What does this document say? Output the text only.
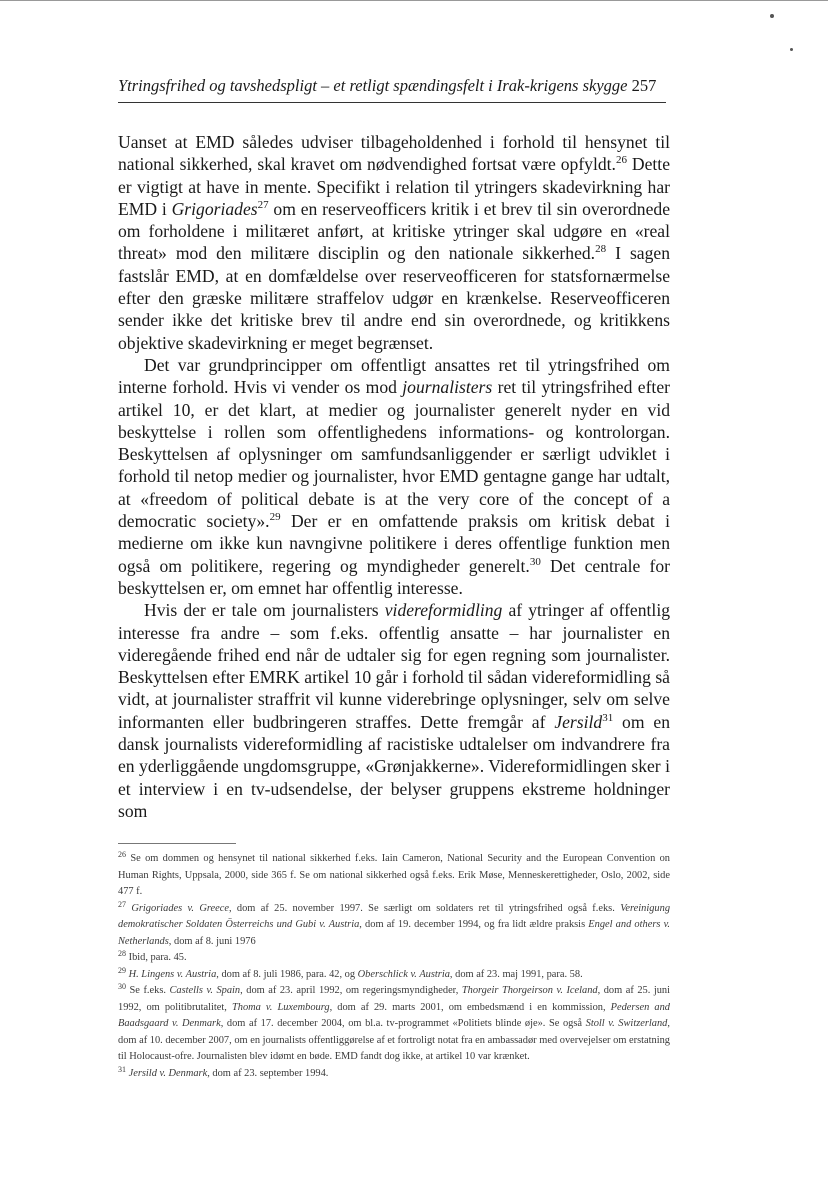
Ytringsfrihed og tavshedspligt – et retligt spændingsfelt i Irak-krigens skygge 257

Uanset at EMD således udviser tilbageholdenhed i forhold til hensynet til national sikkerhed, skal kravet om nødvendighed fortsat være opfyldt.$^{26}$ Dette er vigtigt at have in mente. Specifikt i relation til ytringers skadevirkning har EMD i Grigoriades$^{27}$ om en reserveofficers kritik i et brev til sin overordnede om forholdene i militæret anført, at kritiske ytringer skal udgøre en «real threat» mod den militære disciplin og den nationale sikkerhed.$^{28}$ I sagen fastslår EMD, at en domfældelse over reserveofficeren for statsfornærmelse efter den græske militære straffelov udgør en krænkelse. Reserveofficeren sender ikke det kritiske brev til andre end sin overordnede, og kritikkens objektive skadevirkning er meget begrænset.

Det var grundprincipper om offentligt ansattes ret til ytringsfrihed om interne forhold. Hvis vi vender os mod journalisters ret til ytringsfrihed efter artikel 10, er det klart, at medier og journalister generelt nyder en vid beskyttelse i rollen som offentlighedens informations- og kontrolorgan. Beskyttelsen af oplysninger om samfundsanliggender er særligt udviklet i forhold til netop medier og journalister, hvor EMD gentagne gange har udtalt, at «freedom of political debate is at the very core of the concept of a democratic society».$^{29}$ Der er en omfattende praksis om kritisk debat i medierne om ikke kun navngivne politikere i deres offentlige funktion men også om politikere, regering og myndigheder generelt.$^{30}$ Det centrale for beskyttelsen er, om emnet har offentlig interesse.

Hvis der er tale om journalisters videreformidling af ytringer af offentlig interesse fra andre – som f.eks. offentlig ansatte – har journalister en videregående frihed end når de udtaler sig for egen regning som journalister. Beskyttelsen efter EMRK artikel 10 går i forhold til sådan videreformidling så vidt, at journalister straffrit vil kunne viderebringe oplysninger, selv om selve informanten eller budbringeren straffes. Dette fremgår af Jersild$^{31}$ om en dansk journalists videreformidling af racistiske udtalelser om indvandrere fra en yderliggående ungdomsgruppe, «Grønjakkerne». Videreformidlingen sker i et interview i en tv-udsendelse, der belyser gruppens ekstreme holdninger som

$^{26}$ Se om dommen og hensynet til national sikkerhed f.eks. Iain Cameron, National Security and the European Convention on Human Rights, Uppsala, 2000, side 365 f. Se om national sikkerhed også f.eks. Erik Møse, Menneskerettigheder, Oslo, 2002, side 477 f.

$^{27}$ Grigoriades v. Greece, dom af 25. november 1997. Se særligt om soldaters ret til ytringsfrihed også f.eks. Vereinigung demokratischer Soldaten Österreichs und Gubi v. Austria, dom af 19. december 1994, og fra lidt ældre praksis Engel and others v. Netherlands, dom af 8. juni 1976

$^{28}$ Ibid, para. 45.

$^{29}$ H. Lingens v. Austria, dom af 8. juli 1986, para. 42, og Oberschlick v. Austria, dom af 23. maj 1991, para. 58.

$^{30}$ Se f.eks. Castells v. Spain, dom af 23. april 1992, om regeringsmyndigheder, Thorgeir Thorgeirson v. Iceland, dom af 25. juni 1992, om politibrutalitet, Thoma v. Luxembourg, dom af 29. marts 2001, om embedsmænd i en kommission, Pedersen and Baadsgaard v. Denmark, dom af 17. december 2004, om bl.a. tv-programmet «Politiets blinde øje». Se også Stoll v. Switzerland, dom af 10. december 2007, om en journalists offentliggørelse af et fortroligt notat fra en ambassadør med overvejelser om erstatning til Holocaust-ofre. Journalisten blev idømt en bøde. EMD fandt dog ikke, at artikel 10 var krænket.

$^{31}$ Jersild v. Denmark, dom af 23. september 1994.
